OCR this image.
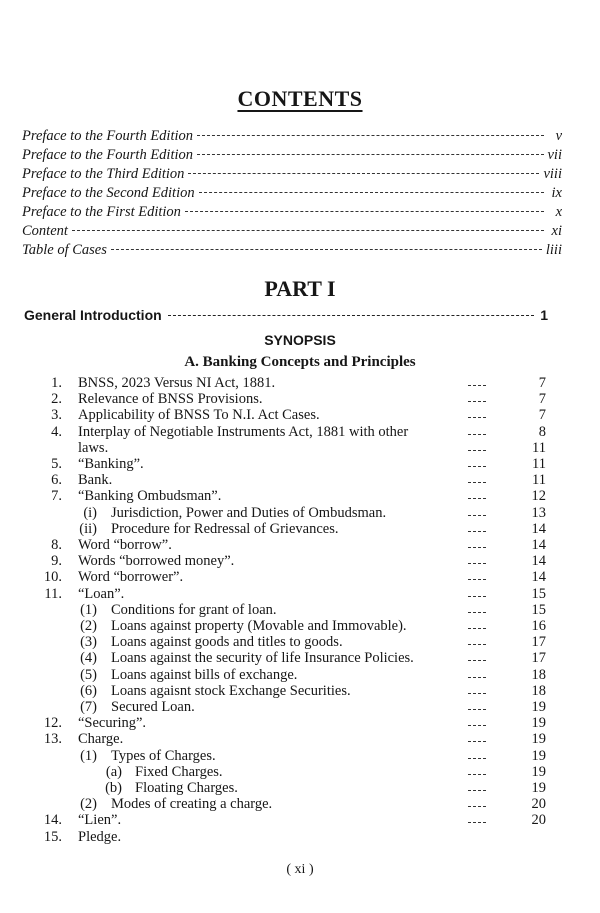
CONTENTS
Preface to the Fourth Edition	v
Preface to the Fourth Edition	vii
Preface to the Third Edition	viii
Preface to the Second Edition	ix
Preface to the First Edition	x
Content	xi
Table of Cases	liii
PART I
General Introduction	1
SYNOPSIS
A. Banking Concepts and Principles
1. BNSS, 2023 Versus NI Act, 1881.	7
2. Relevance of BNSS Provisions.	7
3. Applicability of BNSS To N.I. Act Cases.	7
4. Interplay of Negotiable Instruments Act, 1881 with other	8
laws.	11
5. “Banking”.	11
6. Bank.	11
7. “Banking Ombudsman”.	12
(i) Jurisdiction, Power and Duties of Ombudsman.	13
(ii) Procedure for Redressal of Grievances.	14
8. Word “borrow”.	14
9. Words “borrowed money”.	14
10. Word “borrower”.	14
11. “Loan”.	15
(1) Conditions for grant of loan.	15
(2) Loans against property (Movable and Immovable).	16
(3) Loans against goods and titles to goods.	17
(4) Loans against the security of life Insurance Policies.	17
(5) Loans against bills of exchange.	18
(6) Loans agaisnt stock Exchange Securities.	18
(7) Secured Loan.	19
12. “Securing”.	19
13. Charge.	19
(1) Types of Charges.	19
(a) Fixed Charges.	19
(b) Floating Charges.	19
(2) Modes of creating a charge.	20
14. “Lien”.	20
15. Pledge.
( xi )
